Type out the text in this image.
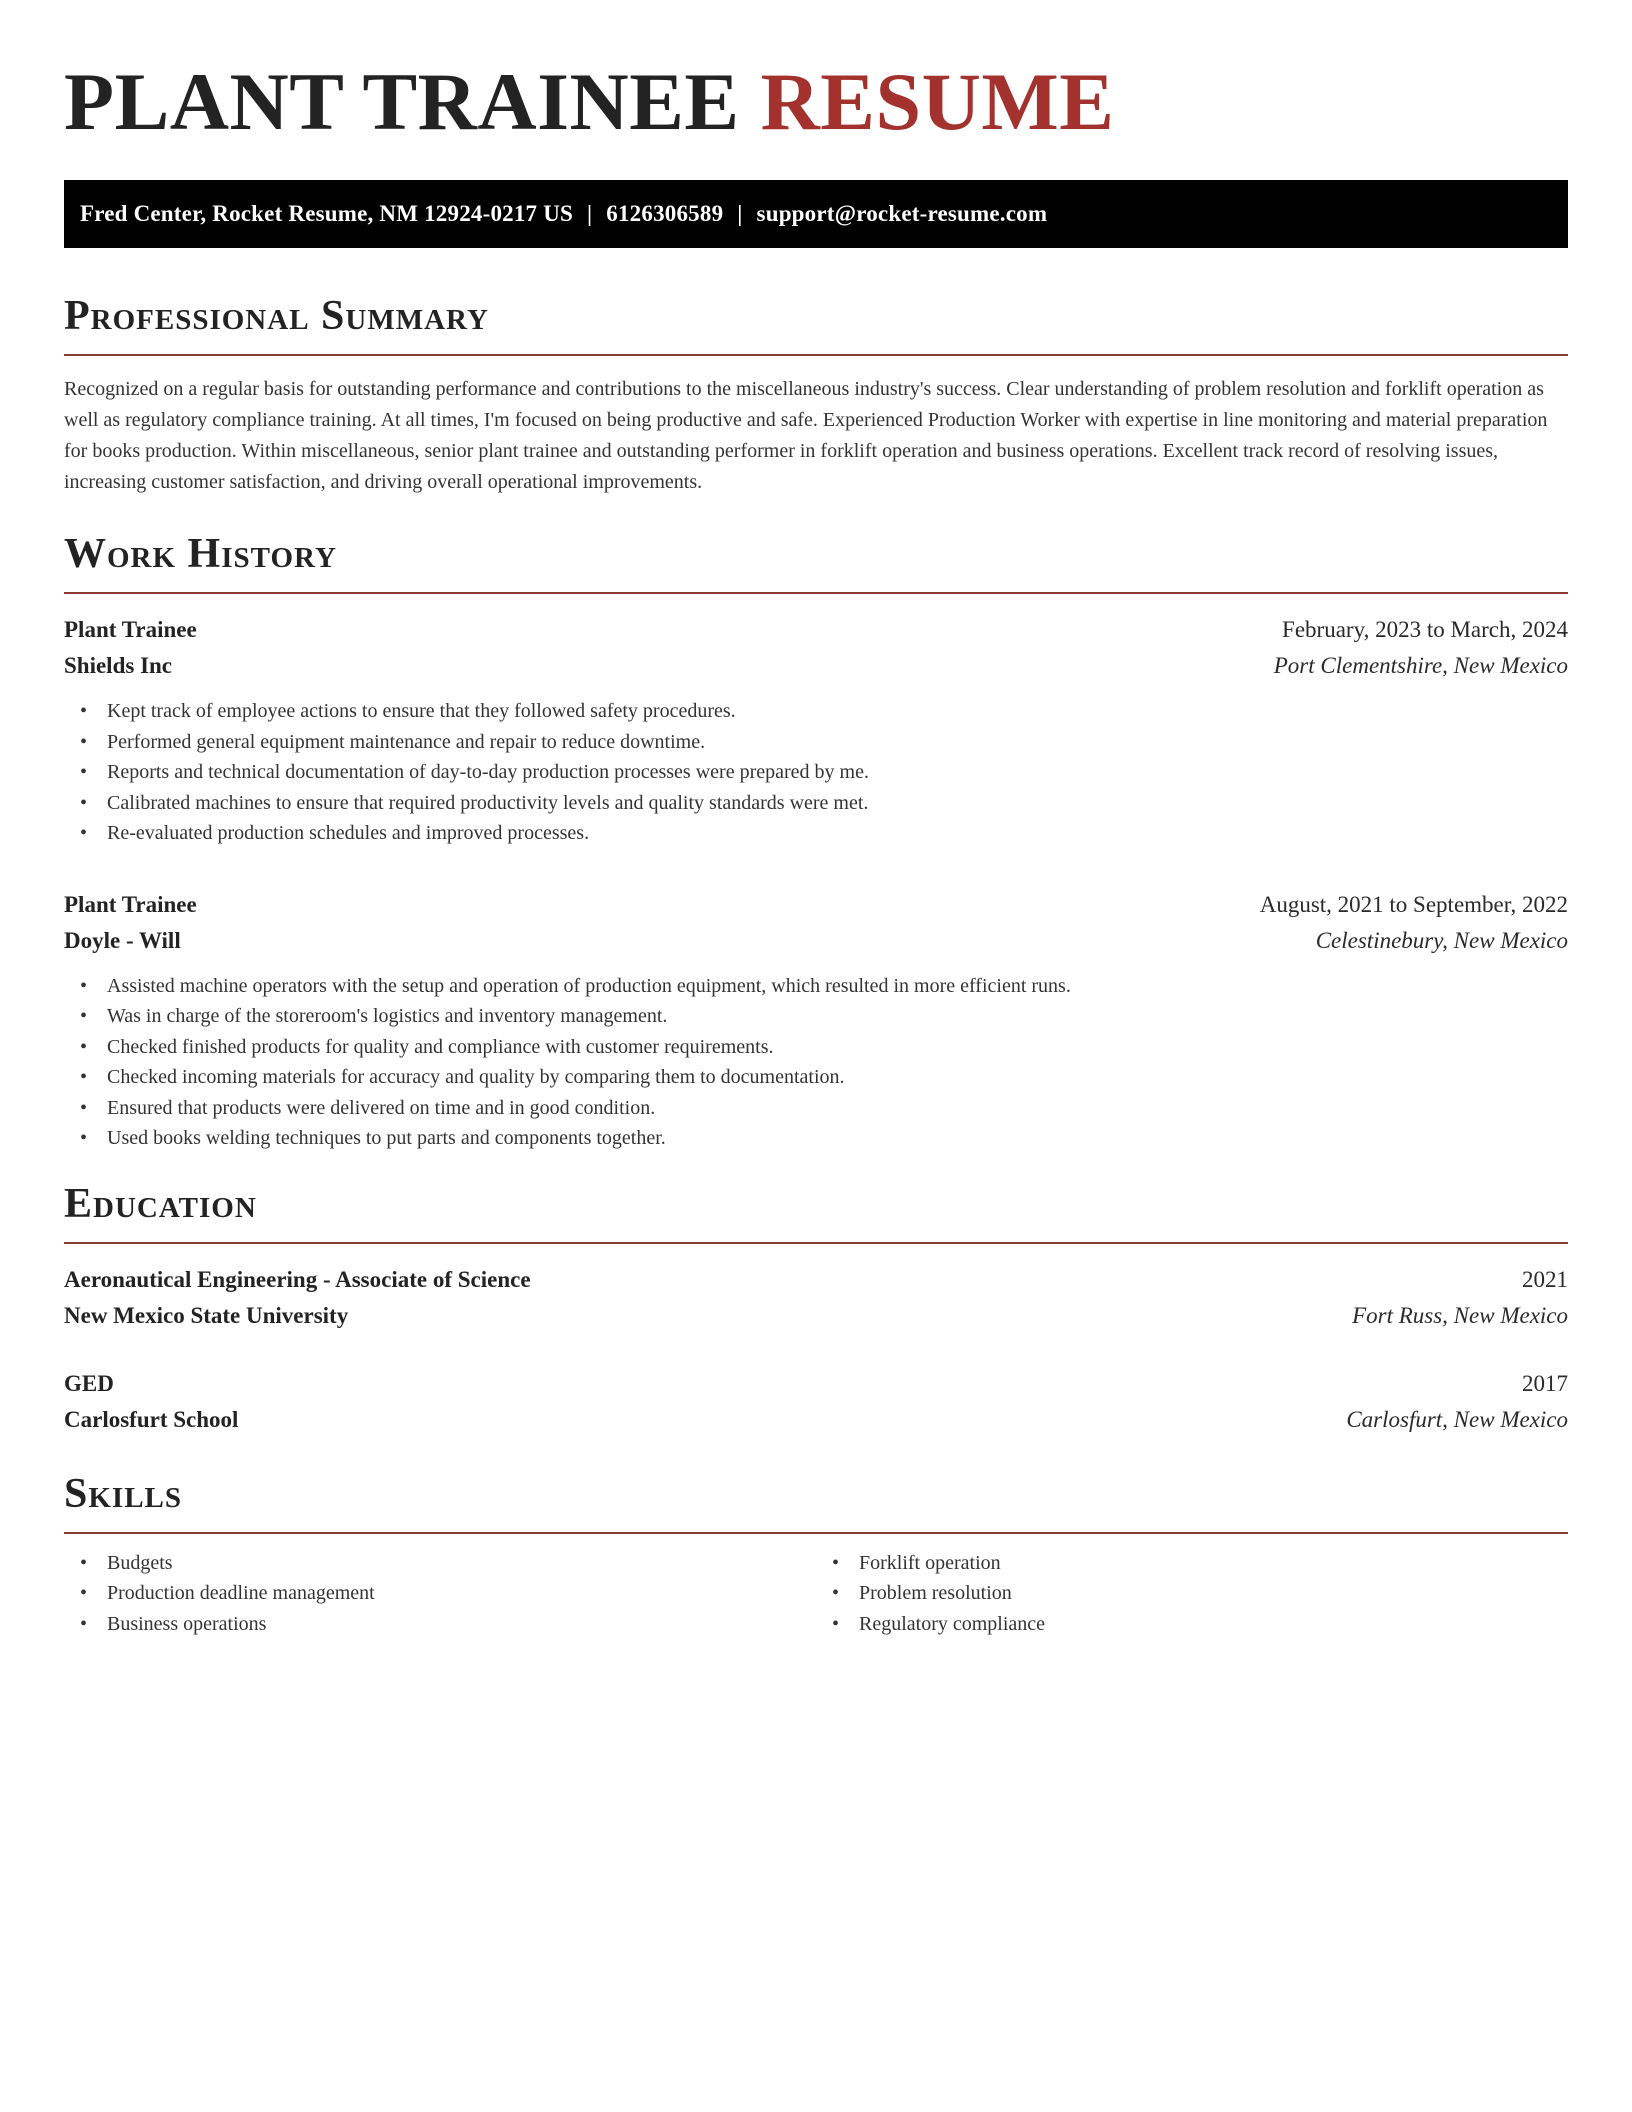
PLANT TRAINEE RESUME
Fred Center, Rocket Resume, NM 12924-0217 US | 6126306589 | support@rocket-resume.com
Professional Summary

Recognized on a regular basis for outstanding performance and contributions to the miscellaneous industry's success. Clear understanding of problem resolution and forklift operation as well as regulatory compliance training. At all times, I'm focused on being productive and safe. Experienced Production Worker with expertise in line monitoring and material preparation for books production. Within miscellaneous, senior plant trainee and outstanding performer in forklift operation and business operations. Excellent track record of resolving issues, increasing customer satisfaction, and driving overall operational improvements.

Work History
Plant Trainee	February, 2023 to March, 2024
Shields Inc	Port Clementshire, New Mexico
• Kept track of employee actions to ensure that they followed safety procedures.
• Performed general equipment maintenance and repair to reduce downtime.
• Reports and technical documentation of day-to-day production processes were prepared by me.
• Calibrated machines to ensure that required productivity levels and quality standards were met.
• Re-evaluated production schedules and improved processes.
Plant Trainee	August, 2021 to September, 2022
Doyle - Will	Celestinebury, New Mexico
• Assisted machine operators with the setup and operation of production equipment, which resulted in more efficient runs.
• Was in charge of the storeroom's logistics and inventory management.
• Checked finished products for quality and compliance with customer requirements.
• Checked incoming materials for accuracy and quality by comparing them to documentation.
• Ensured that products were delivered on time and in good condition.
• Used books welding techniques to put parts and components together.
Education
Aeronautical Engineering - Associate of Science	2021
New Mexico State University	Fort Russ, New Mexico
GED	2017
Carlosfurt School	Carlosfurt, New Mexico
Skills
• Budgets
• Production deadline management
• Business operations
• Forklift operation
• Problem resolution
• Regulatory compliance
